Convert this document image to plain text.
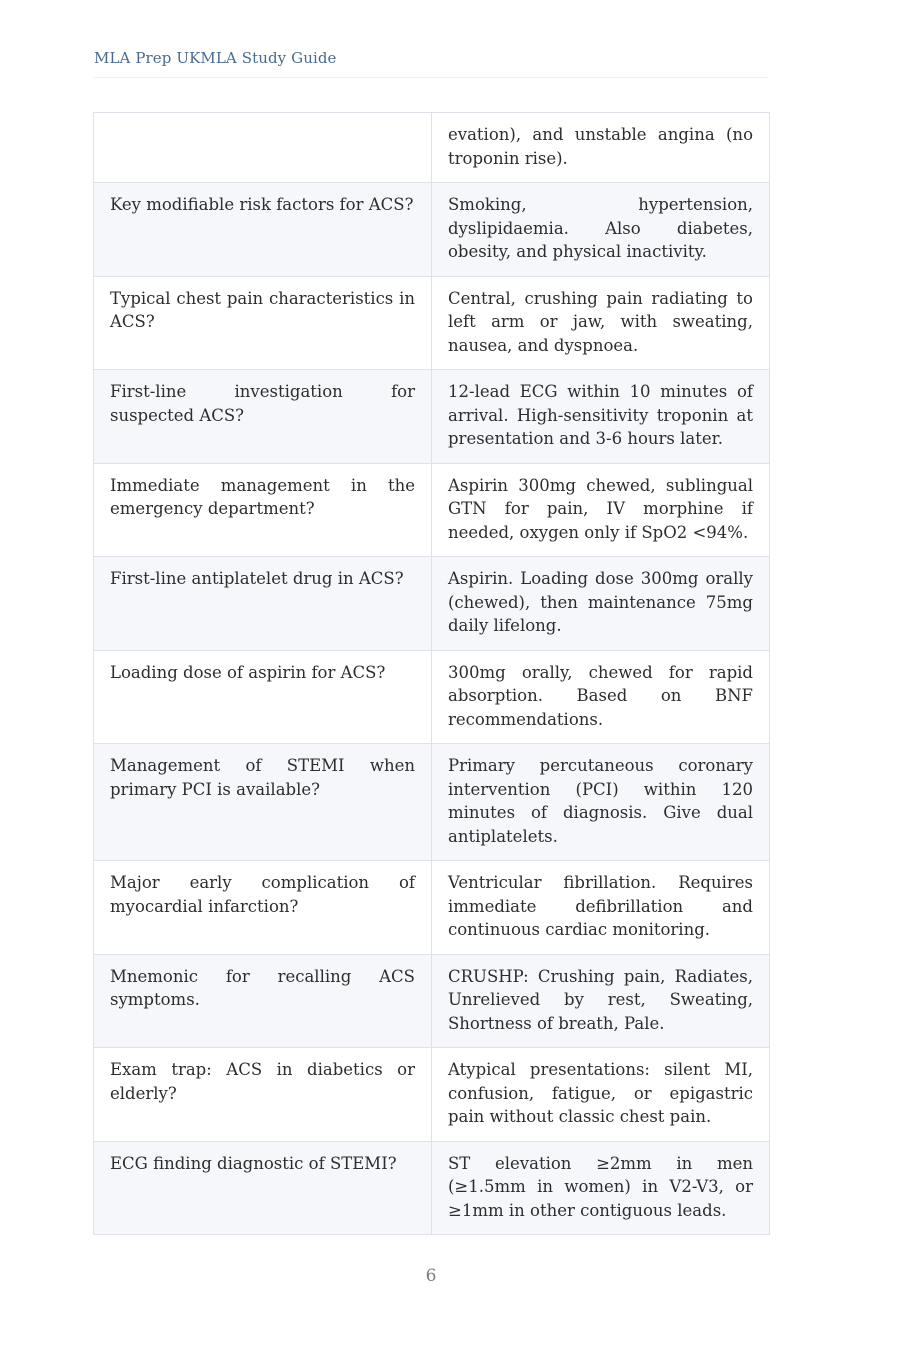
MLA Prep UKMLA Study Guide
	evation), and unstable angina (no troponin rise).
Key modifiable risk factors for ACS?	Smoking, hypertension, dyslipidaemia. Also diabetes, obesity, and physical inactivity.
Typical chest pain characteristics in ACS?	Central, crushing pain radiating to left arm or jaw, with sweating, nausea, and dyspnoea.
First-line investigation for suspected ACS?	12-lead ECG within 10 minutes of arrival. High-sensitivity troponin at presentation and 3-6 hours later.
Immediate management in the emergency department?	Aspirin 300mg chewed, sublingual GTN for pain, IV morphine if needed, oxygen only if SpO2 <94%.
First-line antiplatelet drug in ACS?	Aspirin. Loading dose 300mg orally (chewed), then maintenance 75mg daily lifelong.
Loading dose of aspirin for ACS?	300mg orally, chewed for rapid absorption. Based on BNF recommendations.
Management of STEMI when primary PCI is available?	Primary percutaneous coronary intervention (PCI) within 120 minutes of diagnosis. Give dual antiplatelets.
Major early complication of myocardial infarction?	Ventricular fibrillation. Requires immediate defibrillation and continuous cardiac monitoring.
Mnemonic for recalling ACS symptoms.	CRUSHP: Crushing pain, Radiates, Unrelieved by rest, Sweating, Shortness of breath, Pale.
Exam trap: ACS in diabetics or elderly?	Atypical presentations: silent MI, confusion, fatigue, or epigastric pain without classic chest pain.
ECG finding diagnostic of STEMI?	ST elevation ≥2mm in men (≥1.5mm in women) in V2-V3, or ≥1mm in other contiguous leads.
6
